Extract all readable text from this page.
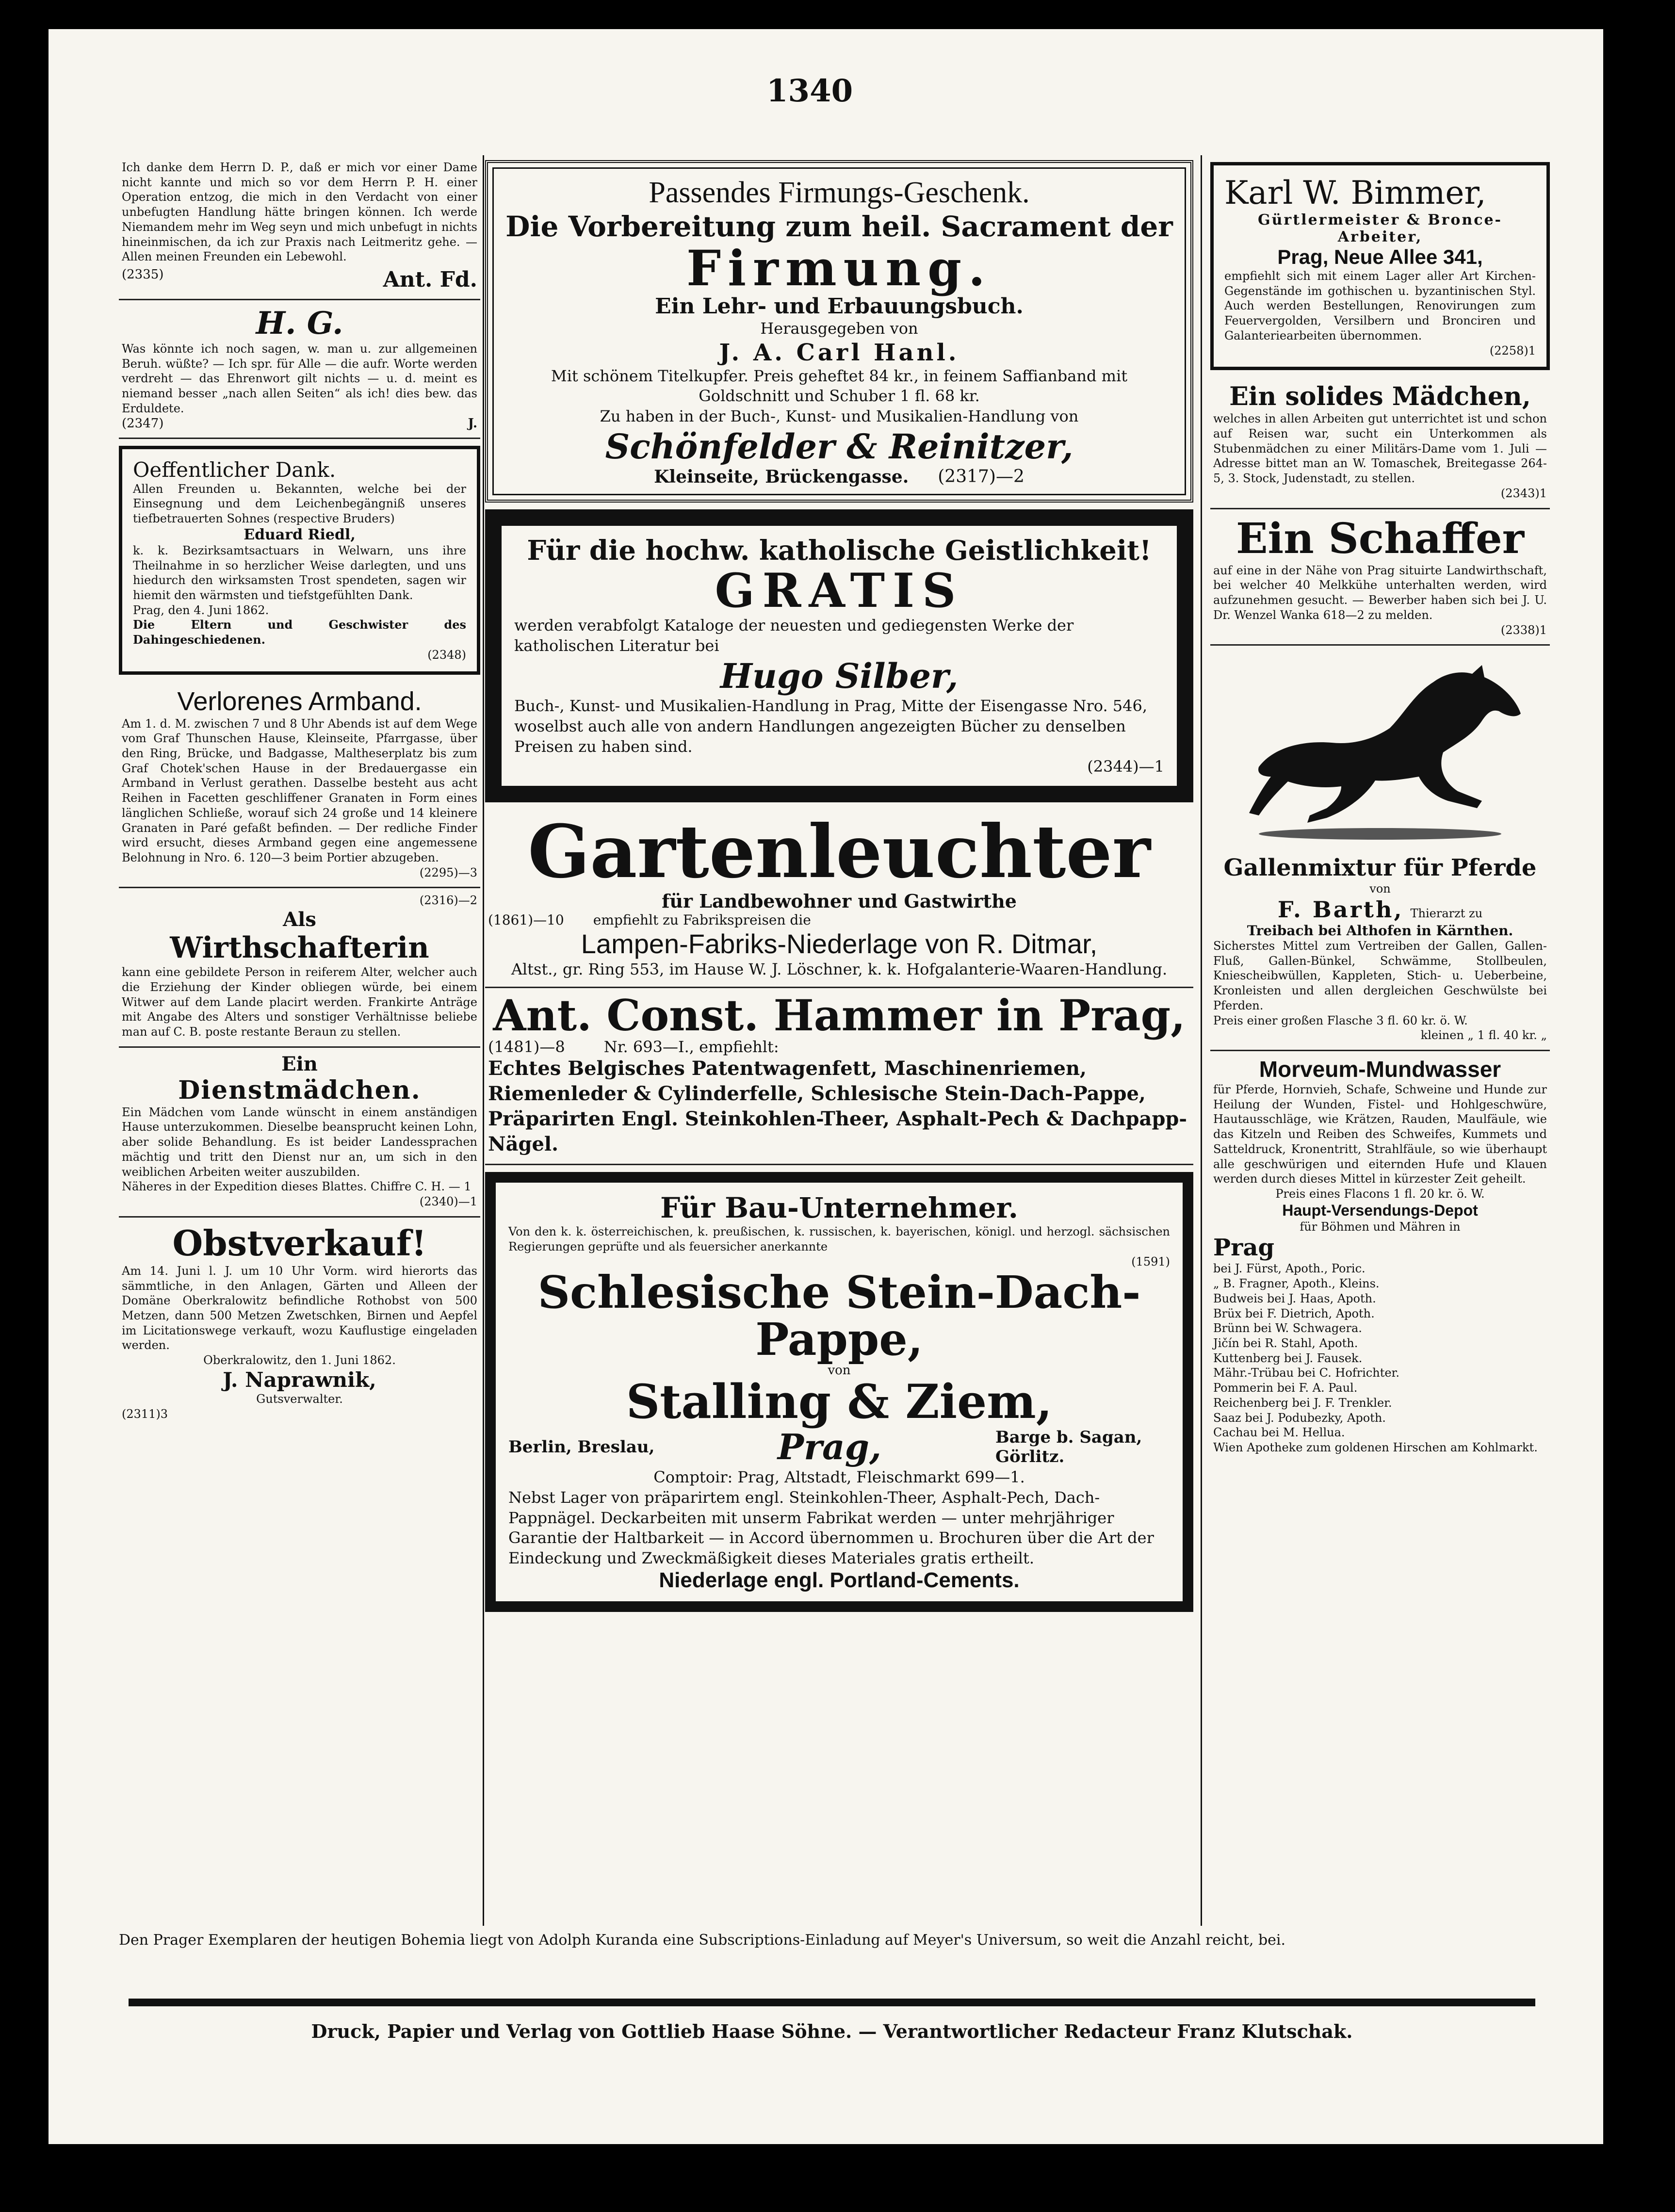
1340
Ich danke dem Herrn D. P., daß er mich vor einer Dame nicht kannte und mich so vor dem Herrn P. H. einer Operation entzog, die mich in den Verdacht von einer unbefugten Handlung hätte bringen können. Ich werde Niemandem mehr im Weg seyn und mich unbefugt in nichts hineinmischen, da ich zur Praxis nach Leitmeritz gehe. — Allen meinen Freunden ein Lebewohl.
(2335)	Ant. Fd.
H. G.
Was könnte ich noch sagen, w. man u. zur allgemeinen Beruh. wüßte? — Ich spr. für Alle — die aufr. Worte werden verdreht — das Ehrenwort gilt nichts — u. d. meint es niemand besser „nach allen Seiten“ als ich! dies bew. das Erduldete.
(2347)	J.
Oeffentlicher Dank.
Allen Freunden u. Bekannten, welche bei der Einsegnung und dem Leichenbegängniß unseres tiefbetrauerten Sohnes (respective Bruders)
Eduard Riedl,
k. k. Bezirksamtsactuars in Welwarn, uns ihre Theilnahme in so herzlicher Weise darlegten, und uns hiedurch den wirksamsten Trost spendeten, sagen wir hiemit den wärmsten und tiefstgefühlten Dank.
Prag, den 4. Juni 1862.
Die Eltern und Geschwister des Dahingeschiedenen.
(2348)
Verlorenes Armband.
Am 1. d. M. zwischen 7 und 8 Uhr Abends ist auf dem Wege vom Graf Thunschen Hause, Kleinseite, Pfarrgasse, über den Ring, Brücke, und Badgasse, Maltheserplatz bis zum Graf Chotek'schen Hause in der Bredauergasse ein Armband in Verlust gerathen. Dasselbe besteht aus acht Reihen in Facetten geschliffener Granaten in Form eines länglichen Schließe, worauf sich 24 große und 14 kleinere Granaten in Paré gefaßt befinden. — Der redliche Finder wird ersucht, dieses Armband gegen eine angemessene Belohnung in Nro. 6. 120—3 beim Portier abzugeben.
(2295)—3
(2316)—2
Als
Wirthschafterin
kann eine gebildete Person in reiferem Alter, welcher auch die Erziehung der Kinder obliegen würde, bei einem Witwer auf dem Lande placirt werden. Frankirte Anträge mit Angabe des Alters und sonstiger Verhältnisse beliebe man auf C. B. poste restante Beraun zu stellen.
Ein
Dienstmädchen.
Ein Mädchen vom Lande wünscht in einem anständigen Hause unterzukommen. Dieselbe beansprucht keinen Lohn, aber solide Behandlung. Es ist beider Landessprachen mächtig und tritt den Dienst nur an, um sich in den weiblichen Arbeiten weiter auszubilden.
Näheres in der Expedition dieses Blattes. Chiffre C. H. — 1
(2340)—1
Obstverkauf!
Am 14. Juni l. J. um 10 Uhr Vorm. wird hierorts das sämmtliche, in den Anlagen, Gärten und Alleen der Domäne Oberkralowitz befindliche Rothobst von 500 Metzen, dann 500 Metzen Zwetschken, Birnen und Aepfel im Licitationswege verkauft, wozu Kauflustige eingeladen werden.
Oberkralowitz, den 1. Juni 1862.
J. Naprawnik,
Gutsverwalter.
(2311)3
Passendes Firmungs-Geschenk.
Die Vorbereitung zum heil. Sacrament der
Firmung.
Ein Lehr- und Erbauungsbuch.
Herausgegeben von
J. A. Carl Hanl.
Mit schönem Titelkupfer. Preis geheftet 84 kr., in feinem Saffianband mit Goldschnitt und Schuber 1 fl. 68 kr.
Zu haben in der Buch-, Kunst- und Musikalien-Handlung von
Schönfelder & Reinitzer,
Kleinseite, Brückengasse. (2317)—2
Für die hochw. katholische Geistlichkeit!
GRATIS
werden verabfolgt Kataloge der neuesten und gediegensten Werke der katholischen Literatur bei
Hugo Silber,
Buch-, Kunst- und Musikalien-Handlung in Prag, Mitte der Eisengasse Nro. 546, woselbst auch alle von andern Handlungen angezeigten Bücher zu denselben Preisen zu haben sind.
(2344)—1
Gartenleuchter
für Landbewohner und Gastwirthe
(1861)—10 empfiehlt zu Fabrikspreisen die
Lampen-Fabriks-Niederlage von R. Ditmar,
Altst., gr. Ring 553, im Hause W. J. Löschner, k. k. Hofgalanterie-Waaren-Handlung.
Ant. Const. Hammer in Prag,
(1481)—8	Nr. 693—I., empfiehlt:
Echtes Belgisches Patentwagenfett, Maschinenriemen, Riemenleder & Cylinderfelle, Schlesische Stein-Dach-Pappe, Präparirten Engl. Steinkohlen-Theer, Asphalt-Pech & Dachpapp-Nägel.
Für Bau-Unternehmer.
Von den k. k. österreichischen, k. preußischen, k. russischen, k. bayerischen, königl. und herzogl. sächsischen Regierungen geprüfte und als feuersicher anerkannte
(1591)
Schlesische Stein-Dach-Pappe,
von
Stalling & Ziem,
Berlin, Breslau,	Prag,	Barge b. Sagan, Görlitz.
Comptoir: Prag, Altstadt, Fleischmarkt 699—1.
Nebst Lager von präparirtem engl. Steinkohlen-Theer, Asphalt-Pech, Dach-Pappnägel. Deckarbeiten mit unserm Fabrikat werden — unter mehrjähriger Garantie der Haltbarkeit — in Accord übernommen u. Brochuren über die Art der Eindeckung und Zweckmäßigkeit dieses Materiales gratis ertheilt.
Niederlage engl. Portland-Cements.
Karl W. Bimmer,
Gürtlermeister & Bronce-Arbeiter,
Prag, Neue Allee 341,
empfiehlt sich mit einem Lager aller Art Kirchen-Gegenstände im gothischen u. byzantinischen Styl. Auch werden Bestellungen, Renovirungen zum Feuervergolden, Versilbern und Bronciren und Galanteriearbeiten übernommen.
(2258)1
Ein solides Mädchen,
welches in allen Arbeiten gut unterrichtet ist und schon auf Reisen war, sucht ein Unterkommen als Stubenmädchen zu einer Militärs-Dame vom 1. Juli — Adresse bittet man an W. Tomaschek, Breitegasse 264-5, 3. Stock, Judenstadt, zu stellen.
(2343)1
Ein Schaffer
auf eine in der Nähe von Prag situirte Landwirthschaft, bei welcher 40 Melkkühe unterhalten werden, wird aufzunehmen gesucht. — Bewerber haben sich bei J. U. Dr. Wenzel Wanka 618—2 zu melden.
(2338)1
Gallenmixtur für Pferde
von
F. Barth, Thierarzt zu
Treibach bei Althofen in Kärnthen.
Sicherstes Mittel zum Vertreiben der Gallen, Gallen-Fluß, Gallen-Bünkel, Schwämme, Stollbeulen, Kniescheibwüllen, Kappleten, Stich- u. Ueberbeine, Kronleisten und allen dergleichen Geschwülste bei Pferden.
Preis einer großen Flasche 3 fl. 60 kr. ö. W.
kleinen „ 1 fl. 40 kr. „
Morveum-Mundwasser
für Pferde, Hornvieh, Schafe, Schweine und Hunde zur Heilung der Wunden, Fistel- und Hohlgeschwüre, Hautausschläge, wie Krätzen, Rauden, Maulfäule, wie das Kitzeln und Reiben des Schweifes, Kummets und Satteldruck, Kronentritt, Strahlfäule, so wie überhaupt alle geschwürigen und eiternden Hufe und Klauen werden durch dieses Mittel in kürzester Zeit geheilt.
Preis eines Flacons 1 fl. 20 kr. ö. W.
Haupt-Versendungs-Depot
für Böhmen und Mähren in
Prag
bei J. Fürst, Apoth., Poric.
„ B. Fragner, Apoth., Kleins.
Budweis bei J. Haas, Apoth.
Brüx bei F. Dietrich, Apoth.
Brünn bei W. Schwagera.
Jičín bei R. Stahl, Apoth.
Kuttenberg bei J. Fausek.
Mähr.-Trübau bei C. Hofrichter.
Pommerin bei F. A. Paul.
Reichenberg bei J. F. Trenkler.
Saaz bei J. Podubezky, Apoth.
Cachau bei M. Hellua.
Wien Apotheke zum goldenen Hirschen am Kohlmarkt.
Den Prager Exemplaren der heutigen Bohemia liegt von Adolph Kuranda eine Subscriptions-Einladung auf Meyer's Universum, so weit die Anzahl reicht, bei.
Druck, Papier und Verlag von Gottlieb Haase Söhne. — Verantwortlicher Redacteur Franz Klutschak.
